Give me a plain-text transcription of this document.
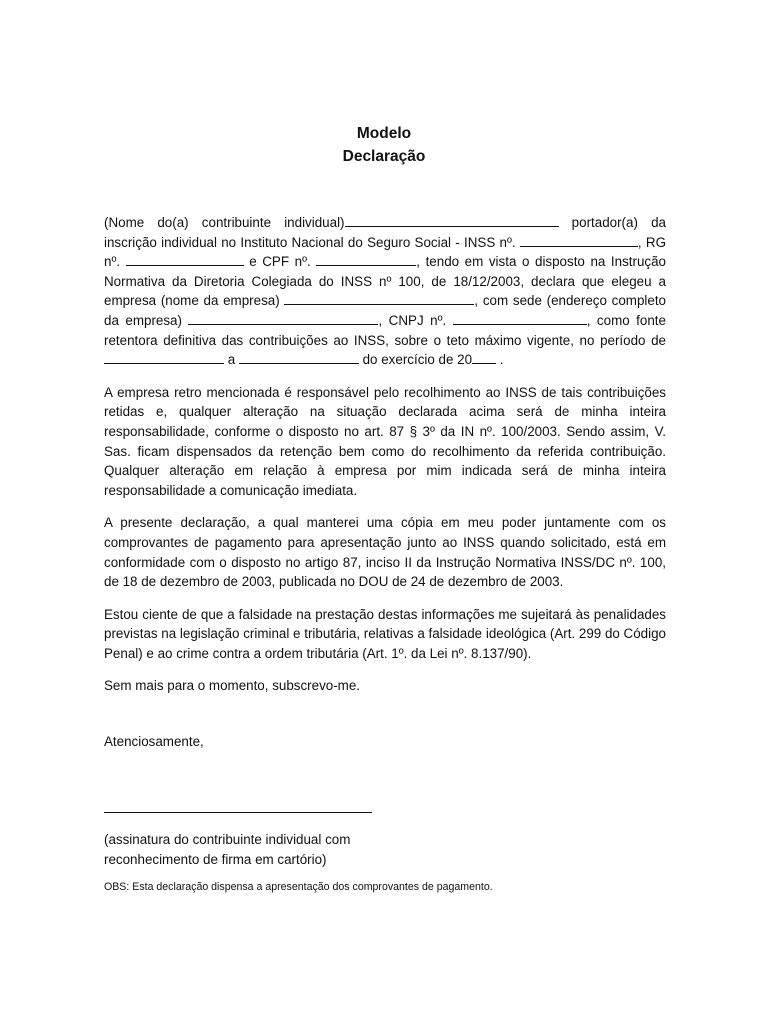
Modelo
Declaração

(Nome do(a) contribuinte individual)	portador(a) da inscrição individual no Instituto Nacional do Seguro Social - INSS nº.	, RG nº.	e CPF nº.	, tendo em vista o disposto na Instrução Normativa da Diretoria Colegiada do INSS nº 100, de 18/12/2003, declara que elegeu a empresa (nome da empresa)	, com sede (endereço completo da empresa)	, CNPJ nº.	, como fonte retentora definitiva das contribuições ao INSS, sobre o teto máximo vigente, no período de  a	do exercício de 20 .

A empresa retro mencionada é responsável pelo recolhimento ao INSS de tais contribuições retidas e, qualquer alteração na situação declarada acima será de minha inteira responsabilidade, conforme o disposto no art. 87 § 3º da IN nº. 100/2003. Sendo assim, V. Sas. ficam dispensados da retenção bem como do recolhimento da referida contribuição. Qualquer alteração em relação à empresa por mim indicada será de minha inteira responsabilidade a comunicação imediata.

A presente declaração, a qual manterei uma cópia em meu poder juntamente com os comprovantes de pagamento para apresentação junto ao INSS quando solicitado, está em conformidade com o disposto no artigo 87, inciso II da Instrução Normativa INSS/DC nº. 100, de 18 de dezembro de 2003, publicada no DOU de 24 de dezembro de 2003.

Estou ciente de que a falsidade na prestação destas informações me sujeitará às penalidades previstas na legislação criminal e tributária, relativas a falsidade ideológica (Art. 299 do Código Penal) e ao crime contra a ordem tributária (Art. 1º. da Lei nº. 8.137/90).

Sem mais para o momento, subscrevo-me.

Atenciosamente,
(assinatura do contribuinte individual com
reconhecimento de firma em cartório)
OBS: Esta declaração dispensa a apresentação dos comprovantes de pagamento.
